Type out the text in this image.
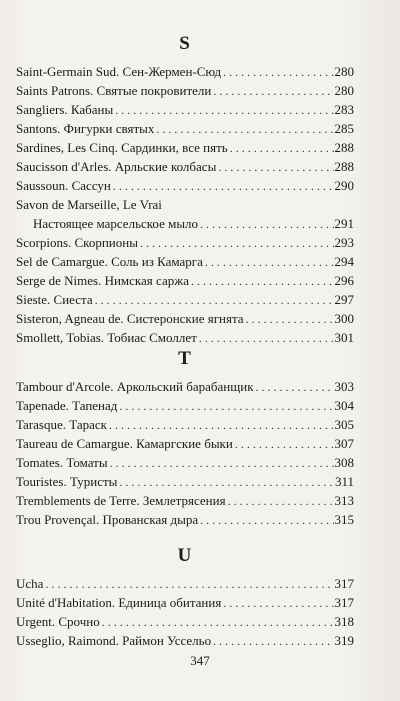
S
Saint-Germain Sud. Сен-Жермен-Сюд . . .	280
Saints Patrons. Святые покровители . . .	280
Sangliers. Кабаны . . .	283
Santons. Фигурки святых . . .	285
Sardines, Les Cinq. Сардинки, все пять . . .	288
Saucisson d'Arles. Арльские колбасы . . .	288
Saussoun. Сассун . . .	290
Savon de Marseille, Le Vrai
Настоящее марсельское мыло . . .	291
Scorpions. Скорпионы . . .	293
Sel de Camargue. Соль из Камарга . . .	294
Serge de Nimes. Нимская саржа . . .	296
Sieste. Сиеста . . .	297
Sisteron, Agneau de. Систеронские ягнята . . .	300
Smollett, Tobias. Тобиас Смоллет . . .	301
T
Tambour d'Arcole. Аркольский барабанщик . . .	303
Tapenade. Тапенад . . .	304
Tarasque. Тараск . . .	305
Taureau de Camargue. Камаргские быки . . .	307
Tomates. Томаты . . .	308
Touristes. Туристы . . .	311
Tremblements de Terre. Землетрясения . . .	313
Trou Provençal. Прованская дыра . . .	315
U
Ucha . . .	317
Unité d'Habitation. Единица обитания . . .	317
Urgent. Срочно . . .	318
Usseglio, Raimond. Раймон Уссельо . . .	319
347
